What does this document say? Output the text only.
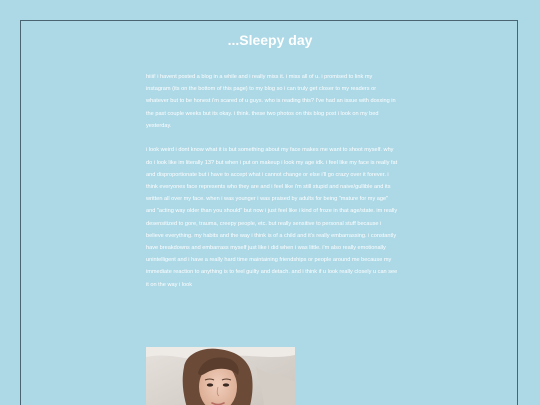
...Sleepy day

hiiii! i havent posted a blog in a while and i really miss it. i miss all of u. i promised to link my instagram (its on the bottom of this page) to my blog so i can truly get closer to my readers or whatever but to be honest i'm scared of u guys. who is reading this? I've had an issue with doxxing in the past couple weeks but its okay. i think. these two photos on this blog post i look on my bed yesterday.

i look weird i dont know what it is but something about my face makes me want to shoot myself. why do i look like im literally 13? but when i put on makeup i look my age idk. i feel like my face is really fat and disproportionate but i have to accept what i cannot change or else i'll go crazy over it forever. i think everyones face represents who they are and i feel like i'm still stupid and naive/gullible and its written all over my face. when i was younger i was praised by adults for being "mature for my age" and "acting way older than you should" but now i just feel like i kind of froze in that age/state. im really desensitized to gore, trauma, creepy people, etc. but really sensitive to personal stuff because i believe everything. my habits and the way i think is of a child and it's really embarrassing. i constantly have breakdowns and embarrass myself just like i did when i was little. i'm also really emotionally unintelligent and i have a really hard time maintaining friendships or people around me because my immediate reaction to anything is to feel guilty and detach. and i think if u look really closely u can see it on the way i look
